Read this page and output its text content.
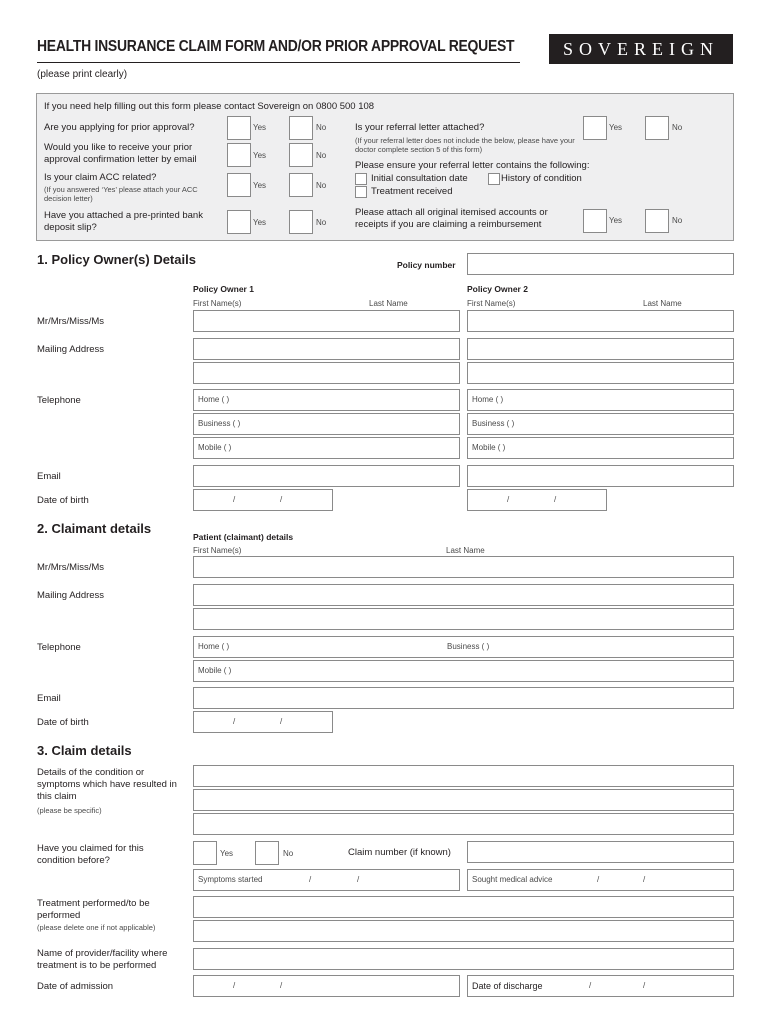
HEALTH INSURANCE CLAIM FORM AND/OR PRIOR APPROVAL REQUEST
(please print clearly)
SOVEREIGN
If you need help filling out this form please contact Sovereign on 0800 500 108
Are you applying for prior approval?	Yes	No
Would you like to receive your prior approval confirmation letter by email	Yes	No
Is your claim ACC related?
(If you answered ‘Yes’ please attach your ACC decision letter)
Yes	No
Have you attached a pre-printed bank deposit slip?	Yes	No
Is your referral letter attached?
(If your referral letter does not include the below, please have your doctor complete section 5 of this form)
Yes	No
Please ensure your referral letter contains the following:
Initial consultation date	History of condition
Treatment received
Please attach all original itemised accounts or receipts if you are claiming a reimbursement	Yes	No
1. Policy Owner(s) Details	Policy number
Policy Owner 1	Policy Owner 2
First Name(s)	Last Name	First Name(s)	Last Name
Mr/Mrs/Miss/Ms
Mailing Address
Telephone	Home ( )	Home ( )
Business ( )	Business ( )
Mobile ( )	Mobile ( )
Email
Date of birth	/	/	/	/
2. Claimant details
Patient (claimant) details
First Name(s)	Last Name
Mr/Mrs/Miss/Ms
Mailing Address
Telephone	Home ( )	Business ( )
Mobile ( )
Email
Date of birth	/	/
3. Claim details
Details of the condition or symptoms which have resulted in this claim
(please be specific)
Have you claimed for this condition before?
Yes	No	Claim number (if known)
Symptoms started	/	/	Sought medical advice	/	/
Treatment performed/to be performed
(please delete one if not applicable)
Name of provider/facility where treatment is to be performed
Date of admission	/	/	Date of discharge	/	/
